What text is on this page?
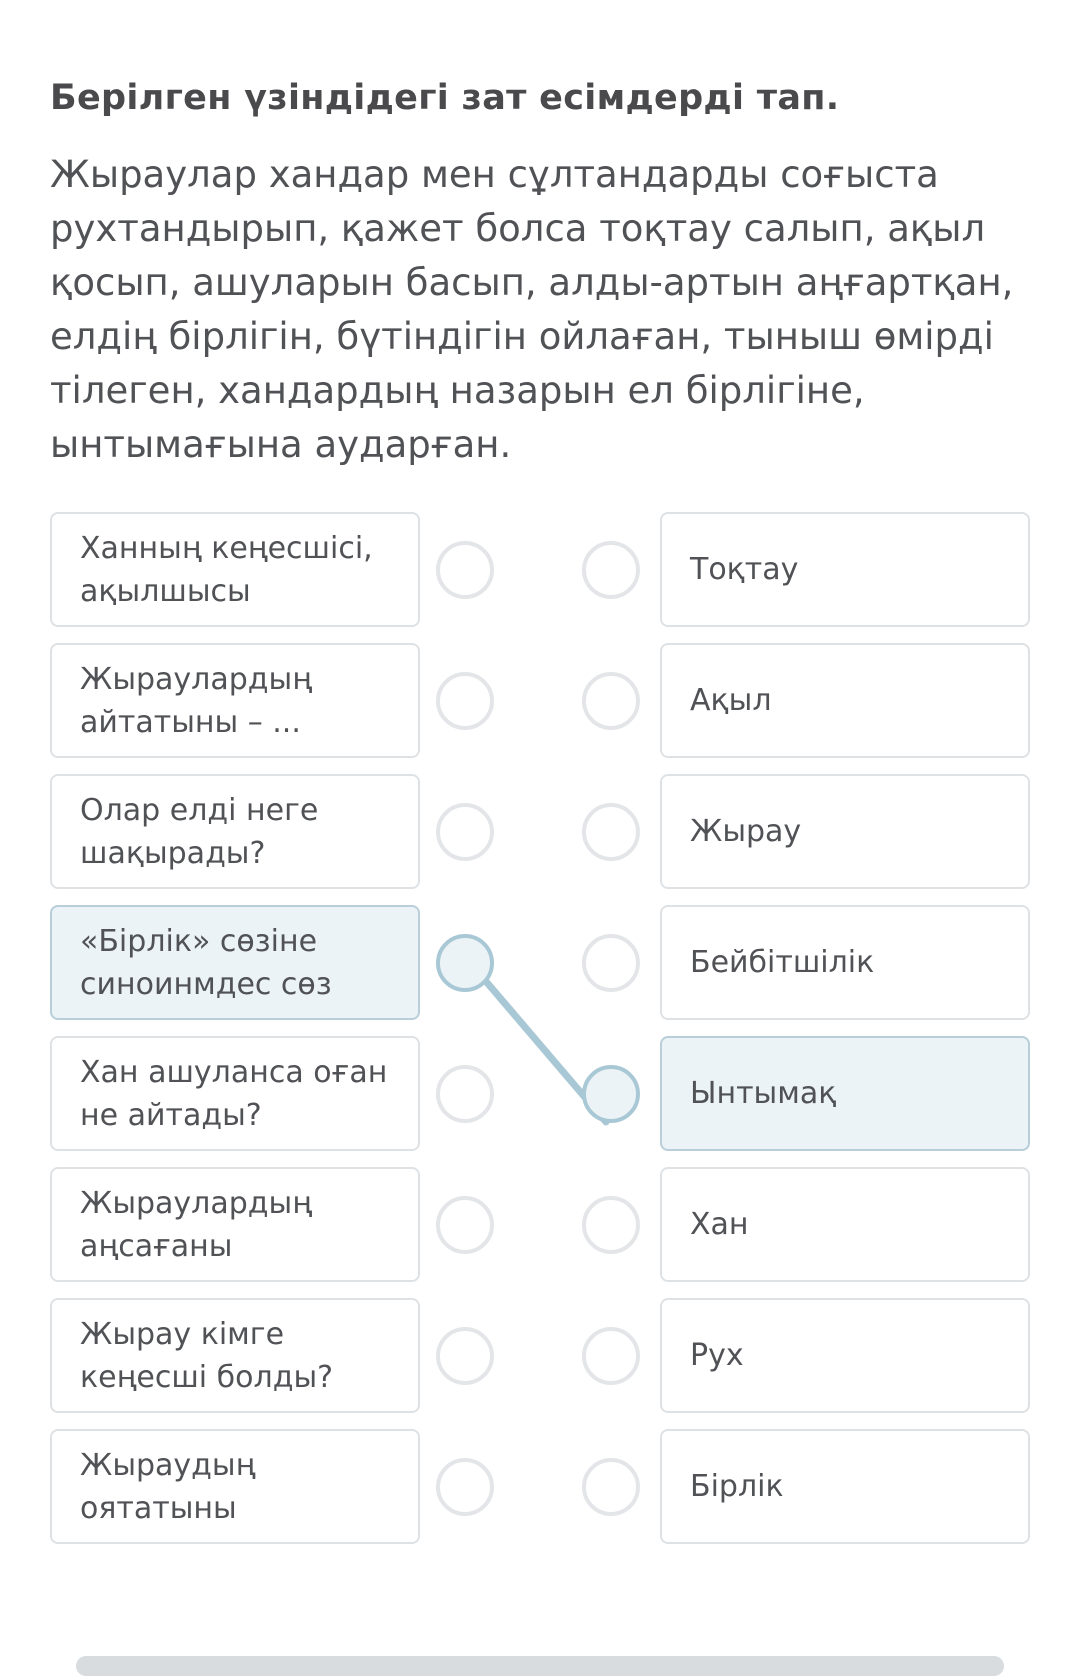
Берілген үзіндідегі зат есімдерді тап.
Жыраулар хандар мен сұлтандарды соғыста рухтандырып, қажет болса тоқтау салып, ақыл қосып, ашуларын басып, алды-артын аңғартқан, елдің бірлігін, бүтіндігін ойлаған, тыныш өмірді тілеген, хандардың назарын ел бірлігіне, ынтымағына аударған.
Ханның кеңесшісі, ақылшысы
Жыраулардың айтатыны – ...
Олар елді неге шақырады?
«Бірлік» сөзіне синоинмдес сөз
Хан ашуланса оған не айтады?
Жыраулардың аңсағаны
Жырау кімге кеңесші болды?
Жыраудың оятатыны
Тоқтау
Ақыл
Жырау
Бейбітшілік
Ынтымақ
Хан
Рух
Бірлік
